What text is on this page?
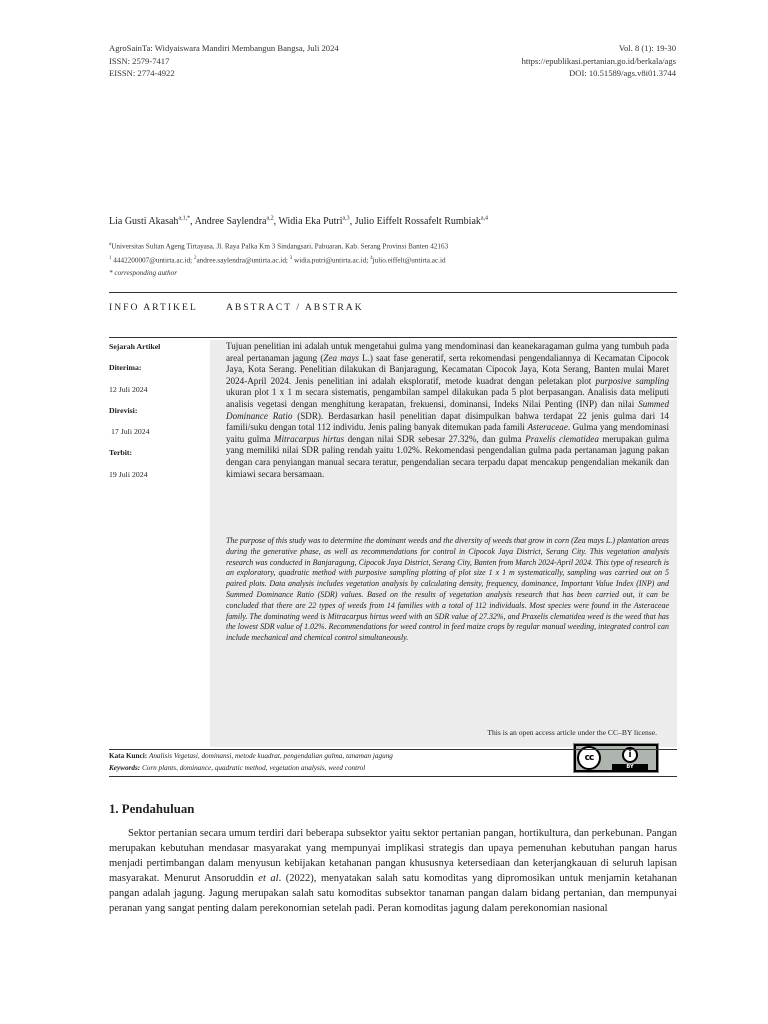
AgroSainTa: Widyaiswara Mandiri Membangun Bangsa, Juli 2024
ISSN: 2579-7417
EISSN: 2774-4922
Vol. 8 (1): 19-30
https://epublikasi.pertanian.go.id/berkala/ags
DOI: 10.51589/ags.v8i01.3744
Lia Gusti Akasah$^{a,1,*}$, Andree Saylendra$^{a,2}$, Widia Eka Putri$^{a,3}$, Julio Eiffelt Rossafelt Rumbiak$^{a,4}$
$^a$Universitas Sultan Ageng Tirtayasa, Jl. Raya Palka Km 3 Sindangsari, Pabuaran, Kab. Serang Provinsi Banten 42163
$^1$ 4442200007@untirta.ac.id; $^2$andree.saylendra@untirta.ac.id; $^3$ widia.putri@untirta.ac.id; $^4$julio.eiffelt@untirta.ac.id
* corresponding author
INFO ARTIKEL	ABSTRACT / ABSTRAK
Sejarah Artikel
Diterima:
12 Juli 2024
Direvisi:
17 Juli 2024
Terbit:
19 Juli 2024
Tujuan penelitian ini adalah untuk mengetahui gulma yang mendominasi dan keanekaragaman gulma yang tumbuh pada areal pertanaman jagung (Zea mays L.) saat fase generatif, serta rekomendasi pengendaliannya di Kecamatan Cipocok Jaya, Kota Serang. Penelitian dilakukan di Banjaragung, Kecamatan Cipocok Jaya, Kota Serang, Banten mulai Maret 2024-April 2024. Jenis penelitian ini adalah eksploratif, metode kuadrat dengan peletakan plot purposive sampling ukuran plot 1 x 1 m secara sistematis, pengambilan sampel dilakukan pada 5 plot berpasangan. Analisis data meliputi analisis vegetasi dengan menghitung kerapatan, frekuensi, dominansi, Indeks Nilai Penting (INP) dan nilai Summed Dominance Ratio (SDR). Berdasarkan hasil penelitian dapat disimpulkan bahwa terdapat 22 jenis gulma dari 14 famili/suku dengan total 112 individu. Jenis paling banyak ditemukan pada famili Asteraceae. Gulma yang mendominasi yaitu gulma Mitracarpus hirtus dengan nilai SDR sebesar 27.32%, dan gulma Praxelis clematidea merupakan gulma yang memiliki nilai SDR paling rendah yaitu 1.02%. Rekomendasi pengendalian gulma pada pertanaman jagung pakan dengan cara penyiangan manual secara teratur, pengendalian secara terpadu dapat mencakup pengendalian mekanik dan kimiawi secara bersamaan.
The purpose of this study was to determine the dominant weeds and the diversity of weeds that grow in corn (Zea mays L.) plantation areas during the generative phase, as well as recommendations for control in Cipocok Jaya District, Serang City. This vegetation analysis research was conducted in Banjaragung, Cipocok Jaya District, Serang City, Banten from March 2024-April 2024. This type of research is an exploratory, quadratic method with purposive sampling plotting of plot size 1 x 1 m systematically, sampling was carried out on 5 paired plots. Data analysis includes vegetation analysis by calculating density, frequency, dominance, Important Value Index (INP) and Summed Dominance Ratio (SDR) values. Based on the results of vegetation analysis research that has been carried out, it can be concluded that there are 22 types of weeds from 14 families with a total of 112 individuals. Most species were found in the Asteraceae family. The dominating weed is Mitracarpus hirtus weed with an SDR value of 27.32%, and Praxelis clematidea weed is the weed that has the lowest SDR value of 1.02%. Recommendations for weed control in feed maize crops by regular manual weeding, integrated control can include mechanical and chemical control simultaneously.
This is an open access article under the CC–BY license.
cc	i
BY
Kata Kunci: Analisis Vegetasi, dominansi, metode kuadrat, pengendalian gulma, tanaman jagung
Keywords: Corn plants, dominance, quadratic method, vegetation analysis, weed control
1. Pendahuluan
Sektor pertanian secara umum terdiri dari beberapa subsektor yaitu sektor pertanian pangan, hortikultura, dan perkebunan. Pangan merupakan kebutuhan mendasar masyarakat yang mempunyai implikasi strategis dan upaya pemenuhan kebutuhan pangan harus menjadi pertimbangan dalam menyusun kebijakan ketahanan pangan khususnya ketersediaan dan keterjangkauan di seluruh lapisan masyarakat. Menurut Ansoruddin et al. (2022), menyatakan salah satu komoditas yang dipromosikan untuk menjamin ketahanan pangan adalah jagung. Jagung merupakan salah satu komoditas subsektor tanaman pangan dalam bidang pertanian, dan mempunyai peranan yang sangat penting dalam perekonomian setelah padi. Peran komoditas jagung dalam perekonomian nasional
